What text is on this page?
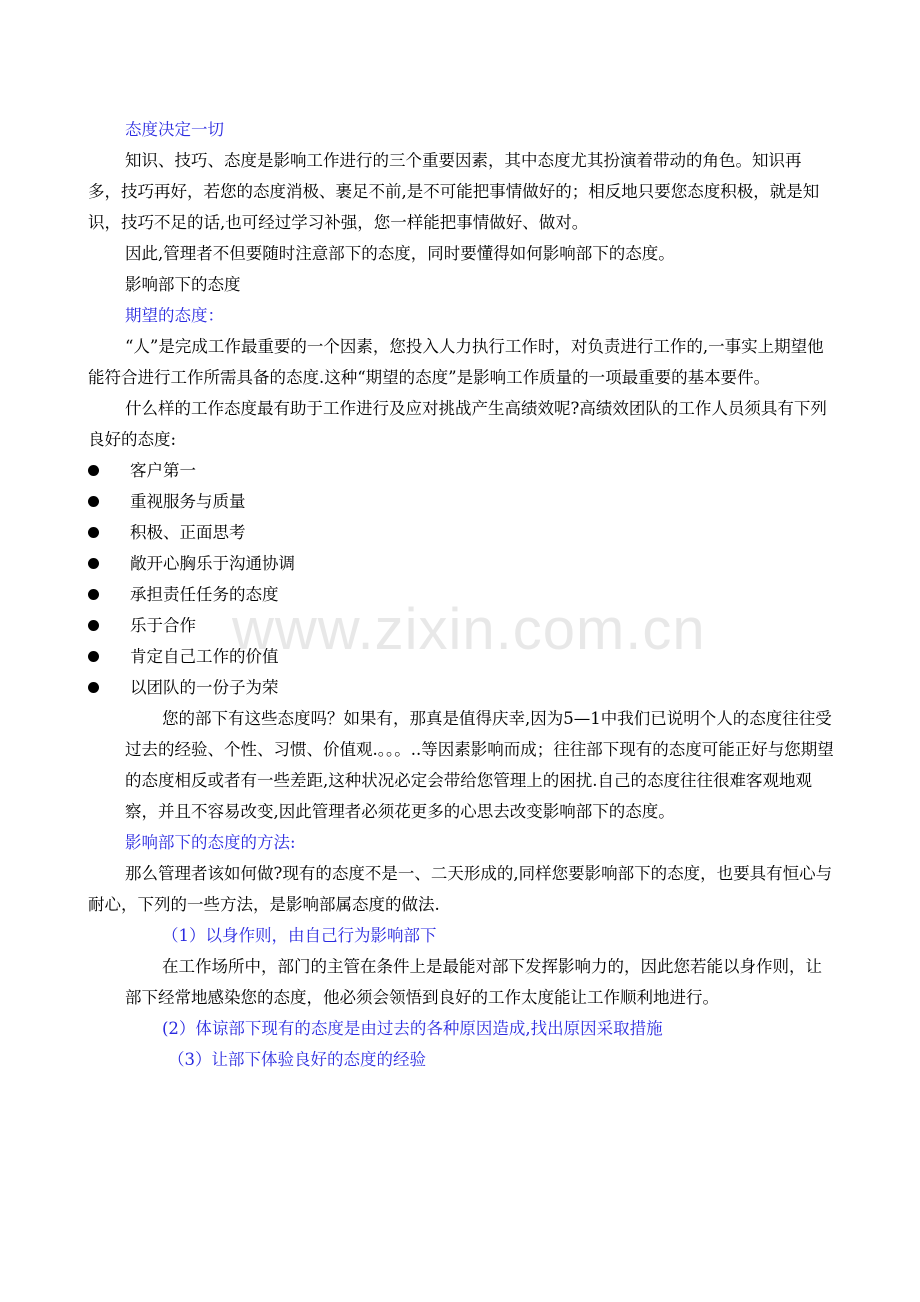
态度决定一切

知识、技巧、态度是影响工作进行的三个重要因素，其中态度尤其扮演着带动的角色。知识再多，技巧再好，若您的态度消极、裹足不前,是不可能把事情做好的；相反地只要您态度积极，就是知识，技巧不足的话,也可经过学习补强，您一样能把事情做好、做对。

因此,管理者不但要随时注意部下的态度，同时要懂得如何影响部下的态度。

影响部下的态度

期望的态度：

“人”是完成工作最重要的一个因素，您投入人力执行工作时，对负责进行工作的,一事实上期望他能符合进行工作所需具备的态度.这种“期望的态度”是影响工作质量的一项最重要的基本要件。

什么样的工作态度最有助于工作进行及应对挑战产生高绩效呢?高绩效团队的工作人员须具有下列良好的态度:

客户第一
重视服务与质量
积极、正面思考
敞开心胸乐于沟通协调
承担责任任务的态度
乐于合作
肯定自己工作的价值
以团队的一份子为荣

您的部下有这些态度吗？如果有，那真是值得庆幸,因为5—1中我们已说明个人的态度往往受过去的经验、个性、习惯、价值观.。。。..等因素影响而成；往往部下现有的态度可能正好与您期望的态度相反或者有一些差距,这种状况必定会带给您管理上的困扰.自己的态度往往很难客观地观察，并且不容易改变,因此管理者必须花更多的心思去改变影响部下的态度。

影响部下的态度的方法:

那么管理者该如何做?现有的态度不是一、二天形成的,同样您要影响部下的态度，也要具有恒心与耐心，下列的一些方法，是影响部属态度的做法.

（1）以身作则，由自己行为影响部下

在工作场所中，部门的主管在条件上是最能对部下发挥影响力的，因此您若能以身作则，让部下经常地感染您的态度，他必须会领悟到良好的工作太度能让工作顺利地进行。

(2）体谅部下现有的态度是由过去的各种原因造成,找出原因采取措施

（3）让部下体验良好的态度的经验

www.zixin.com.cn
